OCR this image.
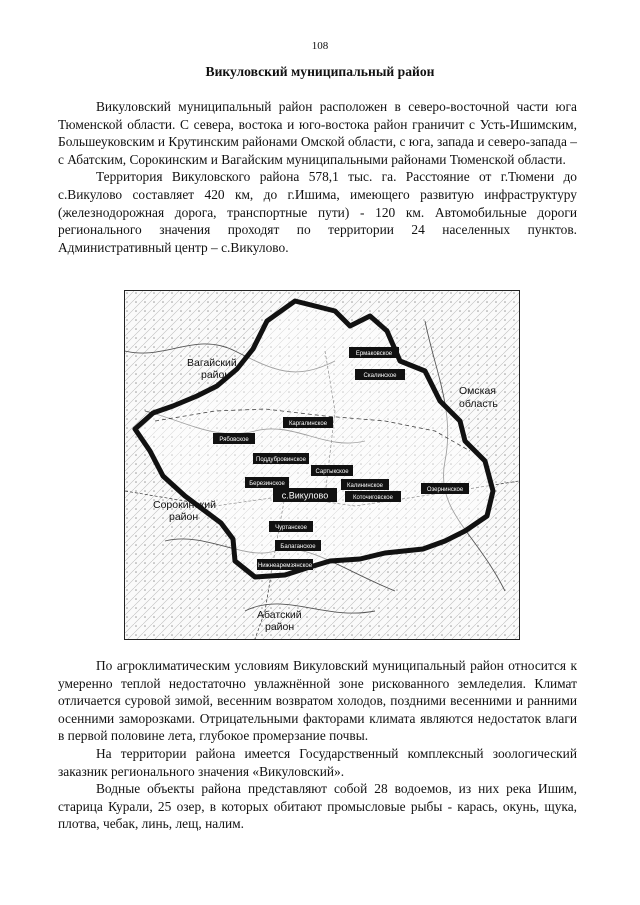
108
Викуловский муниципальный район

Викуловский муниципальный район расположен в северо-восточной части юга Тюменской области. С севера, востока и юго-востока район граничит с Усть-Ишимским, Большеуковским и Крутинским районами Омской области, с юга, запада и северо-запада – с Абатским, Сорокинским и Вагайским муниципальными районами Тюменской области.

Территория Викуловского района 578,1 тыс. га. Расстояние от г.Тюмени до с.Викулово составляет 420 км, до г.Ишима, имеющего развитую инфраструктуру (железнодорожная дорога, транспортные пути) - 120 км. Автомобильные дороги регионального значения проходят по территории 24 населенных пунктов. Административный центр – с.Викулово.

Вагайский
район
Омская
область
Сорокинский
район
Абатский
район
Ермаковское
Скалинское
Каргалинское
Рябовское
Поддубровинское
Сартыкское
Березинское	Калининское
Озернинское
Коточиговское
с.Викулово
Чуртанское
Балаганское
Нижнеаремзянское

По агроклиматическим условиям Викуловский муниципальный район относится к умеренно теплой недостаточно увлажнённой зоне рискованного земледелия. Климат отличается суровой зимой, весенним возвратом холодов, поздними весенними и ранними осенними заморозками. Отрицательными факторами климата являются недостаток влаги в первой половине лета, глубокое промерзание почвы.

На территории района имеется Государственный комплексный зоологический заказник регионального значения «Викуловский».

Водные объекты района представляют собой 28 водоемов, из них река Ишим, старица Курали, 25 озер, в которых обитают промысловые рыбы - карась, окунь, щука, плотва, чебак, линь, лещ, налим.
